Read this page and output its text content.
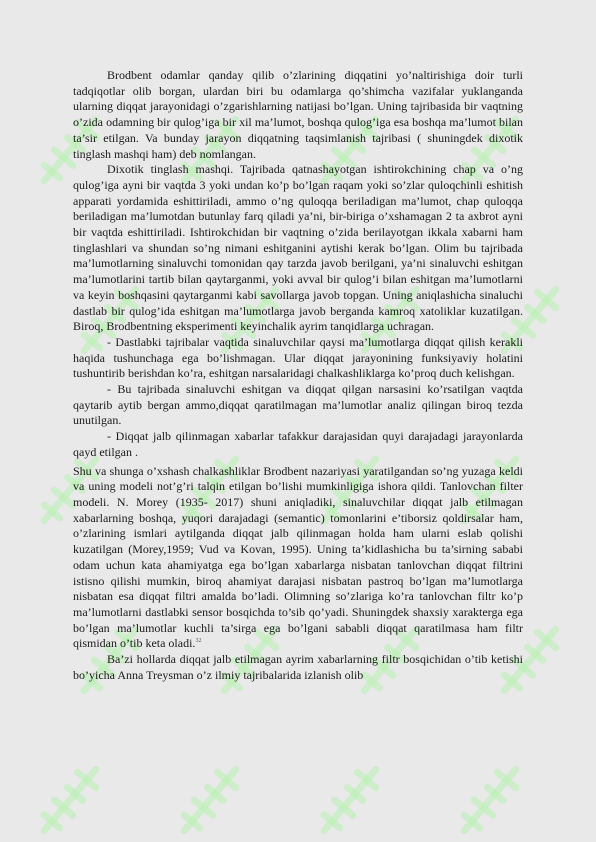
Brodbent odamlar qanday qilib o’zlarining diqqatini yo’naltirishiga doir turli tadqiqotlar olib borgan, ulardan biri bu odamlarga qo’shimcha vazifalar yuklanganda ularning diqqat jarayonidagi o’zgarishlarning natijasi bo’lgan. Uning tajribasida bir vaqtning o’zida odamning bir qulog’iga bir xil ma’lumot, boshqa qulog’iga esa boshqa ma’lumot bilan ta’sir etilgan. Va bunday jarayon diqqatning taqsimlanish tajribasi ( shuningdek dixotik tinglash mashqi ham) deb nomlangan.

Dixotik tinglash mashqi. Tajribada qatnashayotgan ishtirokchining chap va o’ng qulog’iga ayni bir vaqtda 3 yoki undan ko’p bo’lgan raqam yoki so’zlar quloqchinli eshitish apparati yordamida eshittiriladi, ammo o’ng quloqqa beriladigan ma’lumot, chap quloqqa beriladigan ma’lumotdan butunlay farq qiladi ya’ni, bir-biriga o’xshamagan 2 ta axbrot ayni bir vaqtda eshittiriladi. Ishtirokchidan bir vaqtning o’zida berilayotgan ikkala xabarni ham tinglashlari va shundan so’ng nimani eshitganini aytishi kerak bo’lgan. Olim bu tajribada ma’lumotlarning sinaluvchi tomonidan qay tarzda javob berilgani, ya’ni sinaluvchi eshitgan ma’lumotlarini tartib bilan qaytarganmi, yoki avval bir qulog’i bilan eshitgan ma’lumotlarni va keyin boshqasini qaytarganmi kabi savollarga javob topgan. Uning aniqlashicha sinaluchi dastlab bir qulog’ida eshitgan ma’lumotlarga javob berganda kamroq xatoliklar kuzatilgan. Biroq, Brodbentning eksperimenti keyinchalik ayrim tanqidlarga uchragan.

- Dastlabki tajribalar vaqtida sinaluvchilar qaysi ma’lumotlarga diqqat qilish kerakli haqida tushunchaga ega bo’lishmagan. Ular diqqat jarayonining funksiyaviy holatini tushuntirib berishdan ko’ra, eshitgan narsalaridagi chalkashliklarga ko’proq duch kelishgan.

- Bu tajribada sinaluvchi eshitgan va diqqat qilgan narsasini ko’rsatilgan vaqtda qaytarib aytib bergan ammo,diqqat qaratilmagan ma’lumotlar analiz qilingan biroq tezda unutilgan.

- Diqqat jalb qilinmagan xabarlar tafakkur darajasidan quyi darajadagi jarayonlarda qayd etilgan .

Shu va shunga o’xshash chalkashliklar Brodbent nazariyasi yaratilgandan so’ng yuzaga keldi va uning modeli not’g’ri talqin etilgan bo’lishi mumkinligiga ishora qildi. Tanlovchan filter modeli. N. Morey (1935- 2017) shuni aniqladiki, sinaluvchilar diqqat jalb etilmagan xabarlarning boshqa, yuqori darajadagi (semantic) tomonlarini e’tiborsiz qoldirsalar ham, o’zlarining ismlari aytilganda diqqat jalb qilinmagan holda ham ularni eslab qolishi kuzatilgan (Morey,1959; Vud va Kovan, 1995). Uning ta’kidlashicha bu ta’sirning sababi odam uchun kata ahamiyatga ega bo’lgan xabarlarga nisbatan tanlovchan diqqat filtrini istisno qilishi mumkin, biroq ahamiyat darajasi nisbatan pastroq bo’lgan ma’lumotlarga nisbatan esa diqqat filtri amalda bo’ladi. Olimning so’zlariga ko’ra tanlovchan filtr ko’p ma’lumotlarni dastlabki sensor bosqichda to’sib qo’yadi. Shuningdek shaxsiy xarakterga ega bo’lgan ma’lumotlar kuchli ta’sirga ega bo’lgani sababli diqqat qaratilmasa ham filtr qismidan o’tib keta oladi.$^{32}$

Ba’zi hollarda diqqat jalb etilmagan ayrim xabarlarning filtr bosqichidan o’tib ketishi bo’yicha Anna Treysman o’z ilmiy tajribalarida izlanish olib
